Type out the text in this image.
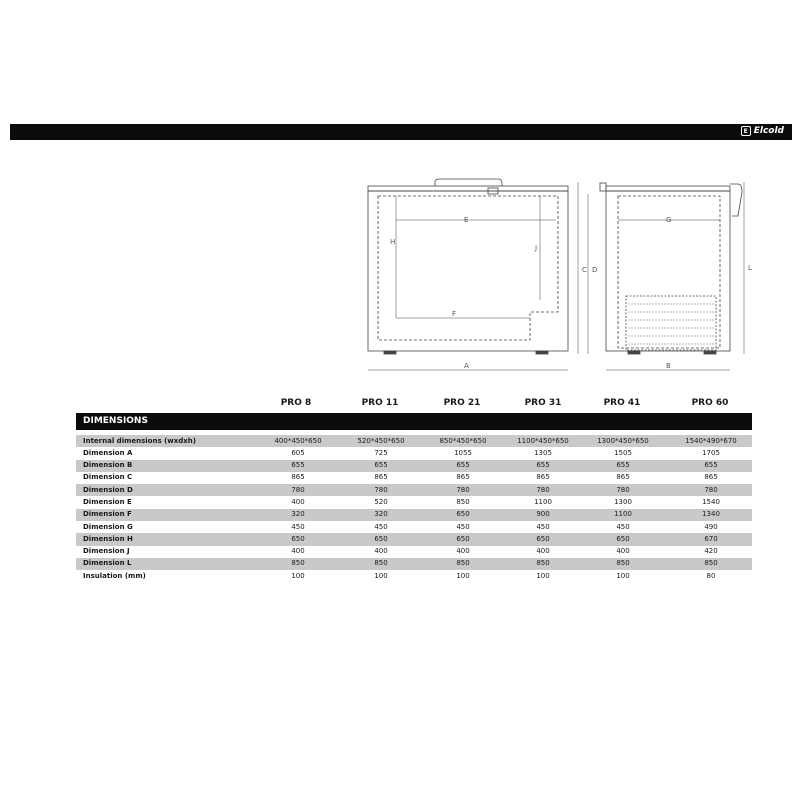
E Elcold
E
H
J
F
A
C D
G
B
L
PRO 8	PRO 11	PRO 21	PRO 31	PRO 41	PRO 60
DIMENSIONS
Internal dimensions (wxdxh)	400*450*650	520*450*650	850*450*650	1100*450*650	1300*450*650	1540*490*670
Dimension A	605	725	1055	1305	1505	1705
Dimension B	655	655	655	655	655	655
Dimension C	865	865	865	865	865	865
Dimension D	780	780	780	780	780	780
Dimension E	400	520	850	1100	1300	1540
Dimension F	320	320	650	900	1100	1340
Dimension G	450	450	450	450	450	490
Dimension H	650	650	650	650	650	670
Dimension J	400	400	400	400	400	420
Dimension L	850	850	850	850	850	850
Insulation (mm)	100	100	100	100	100	80
